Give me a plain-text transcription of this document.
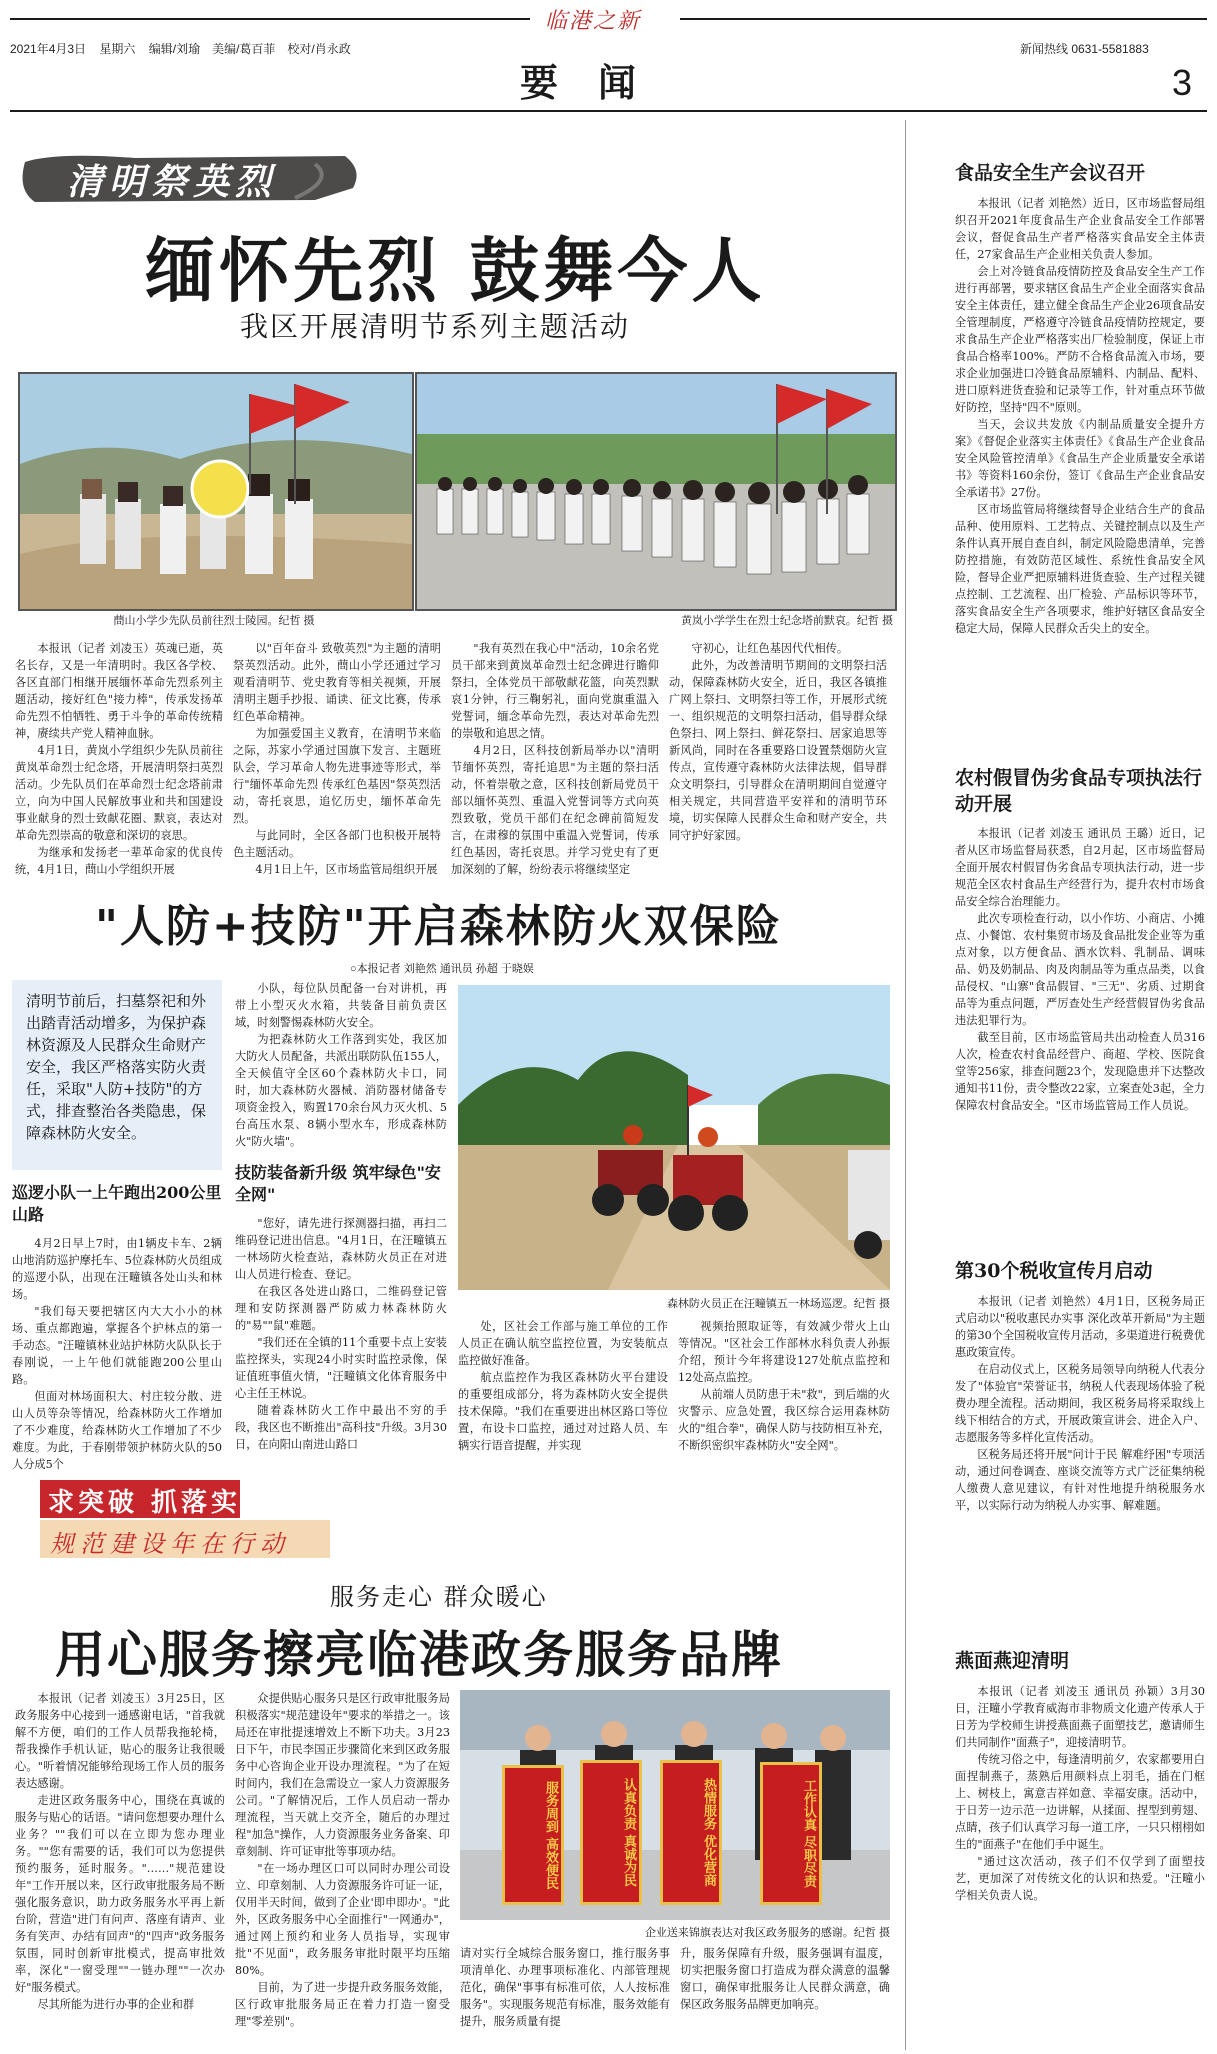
临港之新
2021年4月3日 星期六 编辑/刘瑜　美编/葛百菲　校对/肖永政
要闻
新闻热线 0631-5581883
3
清明祭英烈
缅怀先烈 鼓舞今人
我区开展清明节系列主题活动
蔄山小学少先队员前往烈士陵园。纪哲 摄	黄岚小学学生在烈士纪念塔前默哀。纪哲 摄
本报讯（记者 刘凌玉）英魂已逝，英名长存，又是一年清明时。我区各学校、各区直部门相继开展缅怀革命先烈系列主题活动，接好红色"接力棒"，传承发扬革命先烈不怕牺牲、勇于斗争的革命传统精神，赓续共产党人精神血脉。
4月1日，黄岚小学组织少先队员前往黄岚革命烈士纪念塔，开展清明祭扫英烈活动。少先队员们在革命烈士纪念塔前肃立，向为中国人民解放事业和共和国建设事业献身的烈士致献花圈、默哀，表达对革命先烈崇高的敬意和深切的哀思。
为继承和发扬老一辈革命家的优良传统，4月1日，蔄山小学组织开展
以"百年奋斗 致敬英烈"为主题的清明祭英烈活动。此外，蔄山小学还通过学习观看清明节、党史教育等相关视频，开展清明主题手抄报、诵读、征文比赛，传承红色革命精神。
为加强爱国主义教育，在清明节来临之际，苏家小学通过国旗下发言、主题班队会，学习革命人物先进事迹等形式，举行"缅怀革命先烈 传承红色基因"祭英烈活动，寄托哀思，追忆历史，缅怀革命先烈。
与此同时，全区各部门也积极开展特色主题活动。
4月1日上午，区市场监管局组织开展
"我有英烈在我心中"活动，10余名党员干部来到黄岚革命烈士纪念碑进行瞻仰祭扫，全体党员干部敬献花篮，向英烈默哀1分钟，行三鞠躬礼，面向党旗重温入党誓词，缅念革命先烈，表达对革命先烈的崇敬和追思之情。
4月2日，区科技创新局举办以"清明节缅怀英烈，寄托追思"为主题的祭扫活动，怀着崇敬之意，区科技创新局党员干部以缅怀英烈、重温入党誓词等方式向英烈致敬，党员干部们在纪念碑前简短发言，在肃穆的氛围中重温入党誓词，传承红色基因，寄托哀思。并学习党史有了更加深刻的了解，纷纷表示将继续坚定
守初心，让红色基因代代相传。
此外，为改善清明节期间的文明祭扫活动，保障森林防火安全，近日，我区各镇推广网上祭扫、文明祭扫等工作，开展形式统一、组织规范的文明祭扫活动，倡导群众绿色祭扫、网上祭扫、鲜花祭扫、居家追思等新风尚，同时在各重要路口设置禁烟防火宣传点，宣传遵守森林防火法律法规，倡导群众文明祭扫，引导群众在清明期间自觉遵守相关规定，共同营造平安祥和的清明节环境，切实保障人民群众生命和财产安全，共同守护好家园。
"人防+技防"开启森林防火双保险
○本报记者 刘艳然 通讯员 孙超 于晓娱
清明节前后，扫墓祭祀和外出踏青活动增多，为保护森林资源及人民群众生命财产安全，我区严格落实防火责任，采取"人防+技防"的方式，排查整治各类隐患，保障森林防火安全。
巡逻小队一上午跑出200公里山路
4月2日早上7时，由1辆皮卡车、2辆山地消防巡护摩托车、5位森林防火员组成的巡逻小队，出现在汪疃镇各处山头和林场。
"我们每天要把辖区内大大小小的林场、重点都跑遍，掌握各个护林点的第一手动态。"汪疃镇林业站护林防火队队长于春刚说，一上午他们就能跑200公里山路。
但面对林场面积大、村庄较分散、进山人员等杂等情况，给森林防火工作增加了不少难度，给森林防火工作增加了不少难度。为此，于春刚带领护林防火队的50人分成5个
小队，每位队员配备一台对讲机，再带上小型灭火水箱，共装备目前负责区域，时刻警惕森林防火安全。
为把森林防火工作落到实处，我区加大防火人员配备，共派出联防队伍155人，全天候值守全区60个森林防火卡口，同时，加大森林防火器械、消防器材储备专项资金投入，购置170余台风力灭火机、5台高压水泵、8辆小型水车，形成森林防火"防火墙"。
技防装备新升级 筑牢绿色"安全网"
"您好，请先进行探测器扫描，再扫二维码登记进出信息。"4月1日，在汪疃镇五一林场防火检查站，森林防火员正在对进山人员进行检查、登记。
在我区各处进山路口，二维码登记管理和安防探测器严防威力林森林防火的"易""鼠"难题。
"我们还在全镇的11个重要卡点上安装监控探头，实现24小时实时监控录像，保证值班事值火情，"汪疃镇文化体育服务中心主任王林说。
随着森林防火工作中最出不穷的手段，我区也不断推出"高科技"升级。3月30日，在向阳山南进山路口
森林防火员正在汪疃镇五一林场巡逻。纪哲 摄
处，区社会工作部与施工单位的工作人员正在确认航空监控位置，为安装航点监控做好准备。
航点监控作为我区森林防火平台建设的重要组成部分，将为森林防火安全提供技术保障。"我们在重要进出林区路口等位置，布设卡口监控，通过对过路人员、车辆实行语音提醒，并实现
视频抬照取证等，有效减少带火上山等情况。"区社会工作部林水科负责人孙振介绍，预计今年将建设127处航点监控和12处高点监控。
从前端人员防患于未"救"，到后端的火灾警示、应急处置，我区综合运用森林防火的"组合拳"，确保人防与技防相互补充，不断织密织牢森林防火"安全网"。
求突破 抓落实
规范建设年在行动
服务走心 群众暖心
用心服务擦亮临港政务服务品牌
本报讯（记者 刘凌玉）3月25日，区政务服务中心接到一通感谢电话，"首我就解不方便，咱们的工作人员帮我拖轮椅，帮我操作手机认证，贴心的服务让我很暖心。"听着情况能够给现场工作人员的服务表达感谢。
走进区政务服务中心，围绕在真诚的服务与贴心的话语。"请问您想要办理什么业务？""我们可以在立即为您办理业务。""您有需要的话，我们可以为您提供预约服务，延时服务。"……"规范建设年"工作开展以来，区行政审批服务局不断强化服务意识，助力政务服务水平再上新台阶，营造"进门有问声、落座有请声、业务有笑声、办结有回声"的"四声"政务服务氛围，同时创新审批模式，提高审批效率，深化"一窗受理""一链办理""一次办好"服务模式。
尽其所能为进行办事的企业和群
众提供贴心服务只是区行政审批服务局积极落实"规范建设年"要求的举措之一。该局还在审批提速增效上不断下功夫。3月23日下午，市民李国正步骤简化来到区政务服务中心咨询企业开设办理流程。"为了在短时间内，我们在急需设立一家人力资源服务公司。"了解情况后，工作人员启动一帮办理流程，当天就上交齐全，随后的办理过程"加急"操作，人力资源服务业务备案、印章刻制、许可证审批等事项办结。
"在一场办理区口可以同时办理公司设立、印章刻制、人力资源服务许可证一证，仅用半天时间，做到了企业'即申即办'。"此外，区政务服务中心全面推行"一网通办"，通过网上预约和业务人员指导，实现审批"不见面"，政务服务审批时限平均压缩80%。
目前，为了进一步提升政务服务效能，区行政审批服务局正在着力打造一窗受理"零差别"。
服务周到 高效便民	认真负责 真诚为民	热情服务 优化营商	工作认真 尽职尽责
企业送来锦旗表达对我区政务服务的感谢。纪哲 摄
请对实行全城综合服务窗口，推行服务事项清单化、办理事项标准化、内部管理规范化，确保"事事有标准可依，人人按标准服务"。实现服务规范有标准，服务效能有提升，服务质量有提
升，服务保障有升级，服务强调有温度，切实把服务窗口打造成为群众满意的温馨窗口，确保审批服务让人民群众满意，确保区政务服务品牌更加响亮。
食品安全生产会议召开
本报讯（记者 刘艳然）近日，区市场监督局组织召开2021年度食品生产企业食品安全工作部署会议，督促食品生产者严格落实食品安全主体责任，27家食品生产企业相关负责人参加。
会上对冷链食品疫情防控及食品安全生产工作进行再部署，要求辖区食品生产企业全面落实食品安全主体责任，建立健全食品生产企业26项食品安全管理制度，严格遵守冷链食品疫情防控规定，要求食品生产企业严格落实出厂检验制度，保证上市食品合格率100%。严防不合格食品流入市场，要求企业加强进口冷链食品原辅料、内制品、配料、进口原料进货查验和记录等工作，针对重点环节做好防控，坚持"四不"原则。
当天，会议共发放《内制品质量安全提升方案》《督促企业落实主体责任》《食品生产企业食品安全风险管控清单》《食品生产企业质量安全承诺书》等资料160余份，签订《食品生产企业食品安全承诺书》27份。
区市场监管局将继续督导企业结合生产的食品品种、使用原料、工艺特点、关键控制点以及生产条件认真开展自查自纠，制定风险隐患清单，完善防控措施，有效防范区域性、系统性食品安全风险，督导企业严把原辅料进货查验、生产过程关键点控制、工艺流程、出厂检验、产品标识等环节，落实食品安全生产各项要求，维护好辖区食品安全稳定大局，保障人民群众舌尖上的安全。
农村假冒伪劣食品专项执法行动开展
本报讯（记者 刘凌玉 通讯员 王璐）近日，记者从区市场监督局获悉，自2月起，区市场监督局全面开展农村假冒伪劣食品专项执法行动，进一步规范全区农村食品生产经营行为，提升农村市场食品安全综合治理能力。
此次专项检查行动，以小作坊、小商店、小摊点、小餐馆、农村集贸市场及食品批发企业等为重点对象，以方便食品、酒水饮料、乳制品、调味品、奶及奶制品、肉及肉制品等为重点品类，以食品侵权、"山寨"食品假冒、"三无"、劣质、过期食品等为重点问题，严厉查处生产经营假冒伪劣食品违法犯罪行为。
截至目前，区市场监管局共出动检查人员316人次，检查农村食品经营户、商超、学校、医院食堂等256家，排查问题23个，发现隐患并下达整改通知书11份，责令整改22家，立案查处3起，全力保障农村食品安全。"区市场监管局工作人员说。
第30个税收宣传月启动
本报讯（记者 刘艳然）4月1日，区税务局正式启动以"税收惠民办实事 深化改革开新局"为主题的第30个全国税收宣传月活动，多渠道进行税费优惠政策宣传。
在启动仪式上，区税务局领导向纳税人代表分发了"体验官"荣誉证书，纳税人代表现场体验了税费办理全流程。活动期间，我区税务局将采取线上线下相结合的方式，开展政策宣讲会、进企入户、志愿服务等多样化宣传活动。
区税务局还将开展"问计于民 解难纾困"专项活动，通过问卷调查、座谈交流等方式广泛征集纳税人缴费人意见建议，有针对性地提升纳税服务水平，以实际行动为纳税人办实事、解难题。
燕面燕迎清明
本报讯（记者 刘凌玉 通讯员 孙颖）3月30日，汪疃小学教育威海市非物质文化遗产传承人于日芳为学校师生讲授燕面燕子面塑技艺，邀请师生们共同制作"面燕子"，迎接清明节。
传统习俗之中，每逢清明前夕，农家都要用白面捏制燕子，蒸熟后用颜料点上羽毛，插在门框上、树枝上，寓意吉祥如意、幸福安康。活动中，于日芳一边示范一边讲解，从揉面、捏型到剪翅、点睛，孩子们认真学习每一道工序，一只只栩栩如生的"面燕子"在他们手中诞生。
"通过这次活动，孩子们不仅学到了面塑技艺，更加深了对传统文化的认识和热爱。"汪疃小学相关负责人说。
